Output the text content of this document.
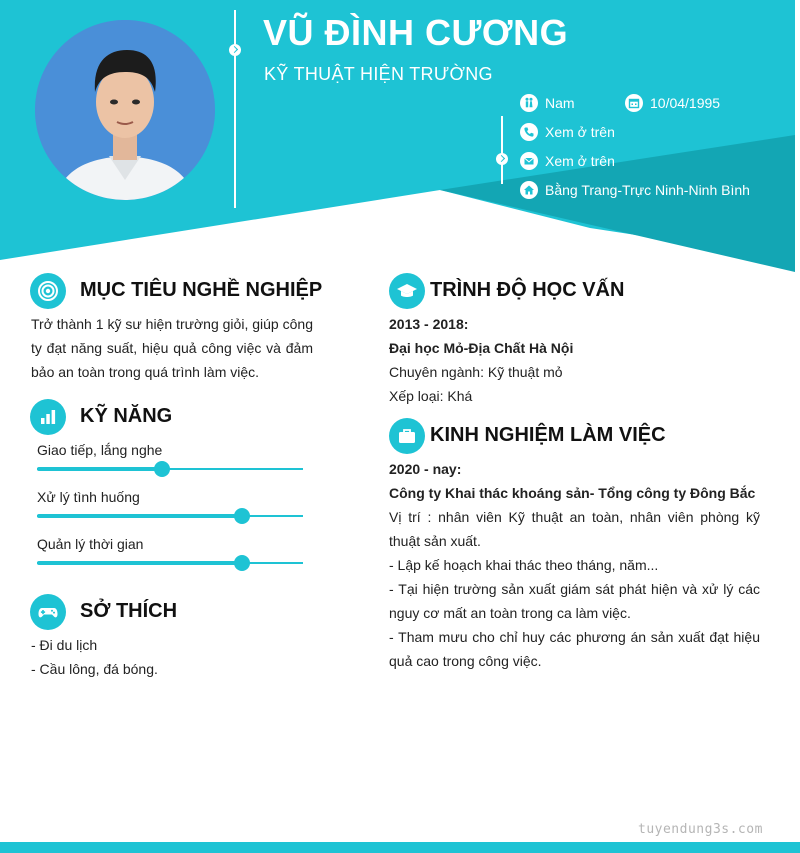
VŨ ĐÌNH CƯƠNG
KỸ THUẬT HIỆN TRƯỜNG
Nam	10/04/1995
Xem ở trên
Xem ở trên
Bằng Trang-Trực Ninh-Ninh Bình
MỤC TIÊU NGHỀ NGHIỆP
Trở thành 1 kỹ sư hiện trường giỏi, giúp công ty đạt năng suất, hiệu quả công việc và đảm bảo an toàn trong quá trình làm việc.
KỸ NĂNG
Giao tiếp, lắng nghe
Xử lý tình huống
Quản lý thời gian
SỞ THÍCH
- Đi du lịch
- Cầu lông, đá bóng.
TRÌNH ĐỘ HỌC VẤN
2013 - 2018:
Đại học Mỏ-Địa Chất Hà Nội
Chuyên ngành: Kỹ thuật mỏ
Xếp loại: Khá
KINH NGHIỆM LÀM VIỆC
2020 - nay:
Công ty Khai thác khoáng sản- Tổng công ty Đông Bắc
Vị trí : nhân viên Kỹ thuật an toàn, nhân viên phòng kỹ thuật sản xuất.
- Lập kế hoạch khai thác theo tháng, năm...
- Tại hiện trường sản xuất giám sát phát hiện và xử lý các nguy cơ mất an toàn trong ca làm việc.
- Tham mưu cho chỉ huy các phương án sản xuất đạt hiệu quả cao trong công việc.
tuyendung3s.com
